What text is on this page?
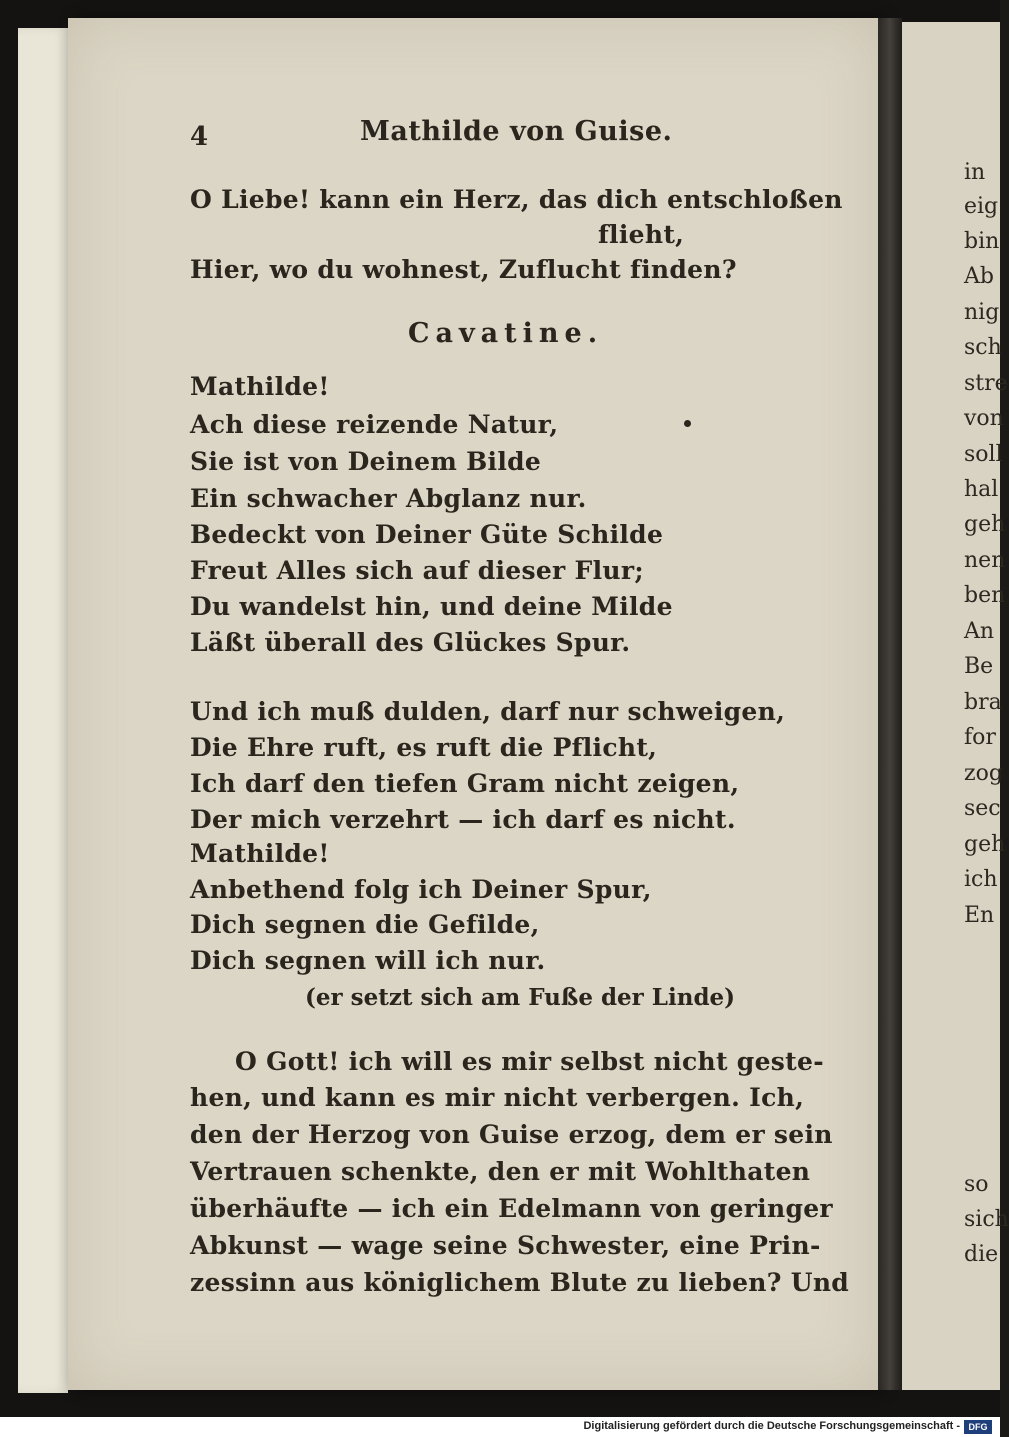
4	Mathilde von Guise.
O Liebe! kann ein Herz, das dich entschloßen
flieht,
Hier, wo du wohnest, Zuflucht finden?
Cavatine.
Mathilde!
Ach diese reizende Natur,
Sie ist von Deinem Bilde
Ein schwacher Abglanz nur.
Bedeckt von Deiner Güte Schilde
Freut Alles sich auf dieser Flur;
Du wandelst hin, und deine Milde
Läßt überall des Glückes Spur.
Und ich muß dulden, darf nur schweigen,
Die Ehre ruft, es ruft die Pflicht,
Ich darf den tiefen Gram nicht zeigen,
Der mich verzehrt — ich darf es nicht.
Mathilde!
Anbethend folg ich Deiner Spur,
Dich segnen die Gefilde,
Dich segnen will ich nur.
(er setzt sich am Fuße der Linde)
O Gott! ich will es mir selbst nicht geste-
hen, und kann es mir nicht verbergen. Ich,
den der Herzog von Guise erzog, dem er sein
Vertrauen schenkte, den er mit Wohlthaten
überhäufte — ich ein Edelmann von geringer
Abkunst — wage seine Schwester, eine Prin-
zessinn aus königlichem Blute zu lieben? Und
in
eig
bin
Ab
nig
sch
stre
von
soll
hal
geh
nen
ben
An
Be
bra
for
zog
sec
geh
ich
En
so
sich
die
Digitalisierung gefördert durch die Deutsche Forschungsgemeinschaft - DFG
